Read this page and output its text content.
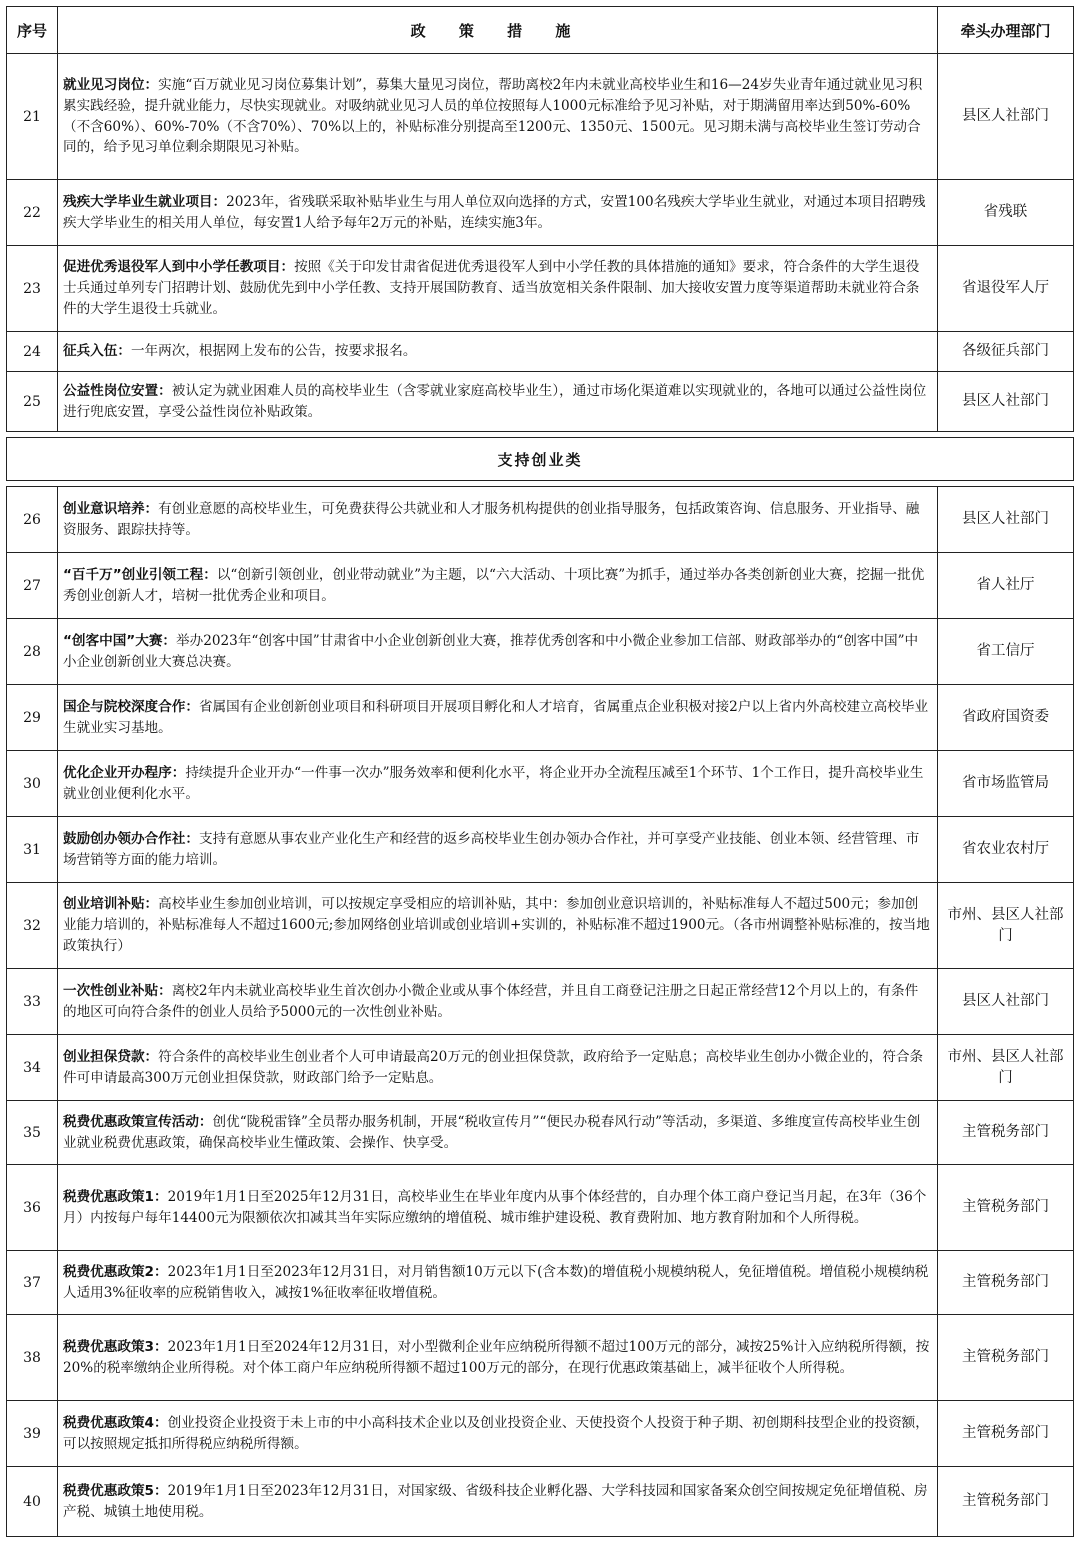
序号	政 策 措 施	牵头办理部门
21	就业见习岗位：实施“百万就业见习岗位募集计划”，募集大量见习岗位，帮助离校2年内未就业高校毕业生和16—24岁失业青年通过就业见习积累实践经验，提升就业能力，尽快实现就业。对吸纳就业见习人员的单位按照每人1000元标准给予见习补贴，对于期满留用率达到50%-60%（不含60%）、60%-70%（不含70%）、70%以上的，补贴标准分别提高至1200元、1350元、1500元。见习期未满与高校毕业生签订劳动合同的，给予见习单位剩余期限见习补贴。	县区人社部门
22	残疾大学毕业生就业项目：2023年，省残联采取补贴毕业生与用人单位双向选择的方式，安置100名残疾大学毕业生就业，对通过本项目招聘残疾大学毕业生的相关用人单位，每安置1人给予每年2万元的补贴，连续实施3年。	省残联
23	促进优秀退役军人到中小学任教项目：按照《关于印发甘肃省促进优秀退役军人到中小学任教的具体措施的通知》要求，符合条件的大学生退役士兵通过单列专门招聘计划、鼓励优先到中小学任教、支持开展国防教育、适当放宽相关条件限制、加大接收安置力度等渠道帮助未就业符合条件的大学生退役士兵就业。	省退役军人厅
24	征兵入伍：一年两次，根据网上发布的公告，按要求报名。	各级征兵部门
25	公益性岗位安置：被认定为就业困难人员的高校毕业生（含零就业家庭高校毕业生），通过市场化渠道难以实现就业的，各地可以通过公益性岗位进行兜底安置，享受公益性岗位补贴政策。	县区人社部门

支持创业类		

26	创业意识培养：有创业意愿的高校毕业生，可免费获得公共就业和人才服务机构提供的创业指导服务，包括政策咨询、信息服务、开业指导、融资服务、跟踪扶持等。	县区人社部门
27	“百千万”创业引领工程：以“创新引领创业，创业带动就业”为主题，以“六大活动、十项比赛”为抓手，通过举办各类创新创业大赛，挖掘一批优秀创业创新人才，培树一批优秀企业和项目。	省人社厅
28	“创客中国”大赛：举办2023年“创客中国”甘肃省中小企业创新创业大赛，推荐优秀创客和中小微企业参加工信部、财政部举办的“创客中国”中小企业创新创业大赛总决赛。	省工信厅
29	国企与院校深度合作：省属国有企业创新创业项目和科研项目开展项目孵化和人才培育，省属重点企业积极对接2户以上省内外高校建立高校毕业生就业实习基地。	省政府国资委
30	优化企业开办程序：持续提升企业开办“一件事一次办”服务效率和便利化水平，将企业开办全流程压减至1个环节、1个工作日，提升高校毕业生就业创业便利化水平。	省市场监管局
31	鼓励创办领办合作社：支持有意愿从事农业产业化生产和经营的返乡高校毕业生创办领办合作社，并可享受产业技能、创业本领、经营管理、市场营销等方面的能力培训。	省农业农村厅
32	创业培训补贴：高校毕业生参加创业培训，可以按规定享受相应的培训补贴，其中：参加创业意识培训的，补贴标准每人不超过500元；参加创业能力培训的，补贴标准每人不超过1600元;参加网络创业培训或创业培训+实训的，补贴标准不超过1900元。（各市州调整补贴标准的，按当地政策执行）	市州、县区人社部门
33	一次性创业补贴：离校2年内未就业高校毕业生首次创办小微企业或从事个体经营，并且自工商登记注册之日起正常经营12个月以上的，有条件的地区可向符合条件的创业人员给予5000元的一次性创业补贴。	县区人社部门
34	创业担保贷款：符合条件的高校毕业生创业者个人可申请最高20万元的创业担保贷款，政府给予一定贴息；高校毕业生创办小微企业的，符合条件可申请最高300万元创业担保贷款，财政部门给予一定贴息。	市州、县区人社部门
35	税费优惠政策宣传活动：创优“陇税雷锋”全员帮办服务机制，开展“税收宣传月”“便民办税春风行动”等活动，多渠道、多维度宣传高校毕业生创业就业税费优惠政策，确保高校毕业生懂政策、会操作、快享受。	主管税务部门
36	税费优惠政策1：2019年1月1日至2025年12月31日，高校毕业生在毕业年度内从事个体经营的，自办理个体工商户登记当月起，在3年（36个月）内按每户每年14400元为限额依次扣减其当年实际应缴纳的增值税、城市维护建设税、教育费附加、地方教育附加和个人所得税。	主管税务部门
37	税费优惠政策2：2023年1月1日至2023年12月31日，对月销售额10万元以下(含本数)的增值税小规模纳税人，免征增值税。增值税小规模纳税人适用3%征收率的应税销售收入，减按1%征收率征收增值税。	主管税务部门
38	税费优惠政策3：2023年1月1日至2024年12月31日，对小型微利企业年应纳税所得额不超过100万元的部分，减按25%计入应纳税所得额，按20%的税率缴纳企业所得税。对个体工商户年应纳税所得额不超过100万元的部分，在现行优惠政策基础上，减半征收个人所得税。	主管税务部门
39	税费优惠政策4：创业投资企业投资于未上市的中小高科技术企业以及创业投资企业、天使投资个人投资于种子期、初创期科技型企业的投资额，可以按照规定抵扣所得税应纳税所得额。	主管税务部门
40	税费优惠政策5：2019年1月1日至2023年12月31日，对国家级、省级科技企业孵化器、大学科技园和国家备案众创空间按规定免征增值税、房产税、城镇土地使用税。	主管税务部门
